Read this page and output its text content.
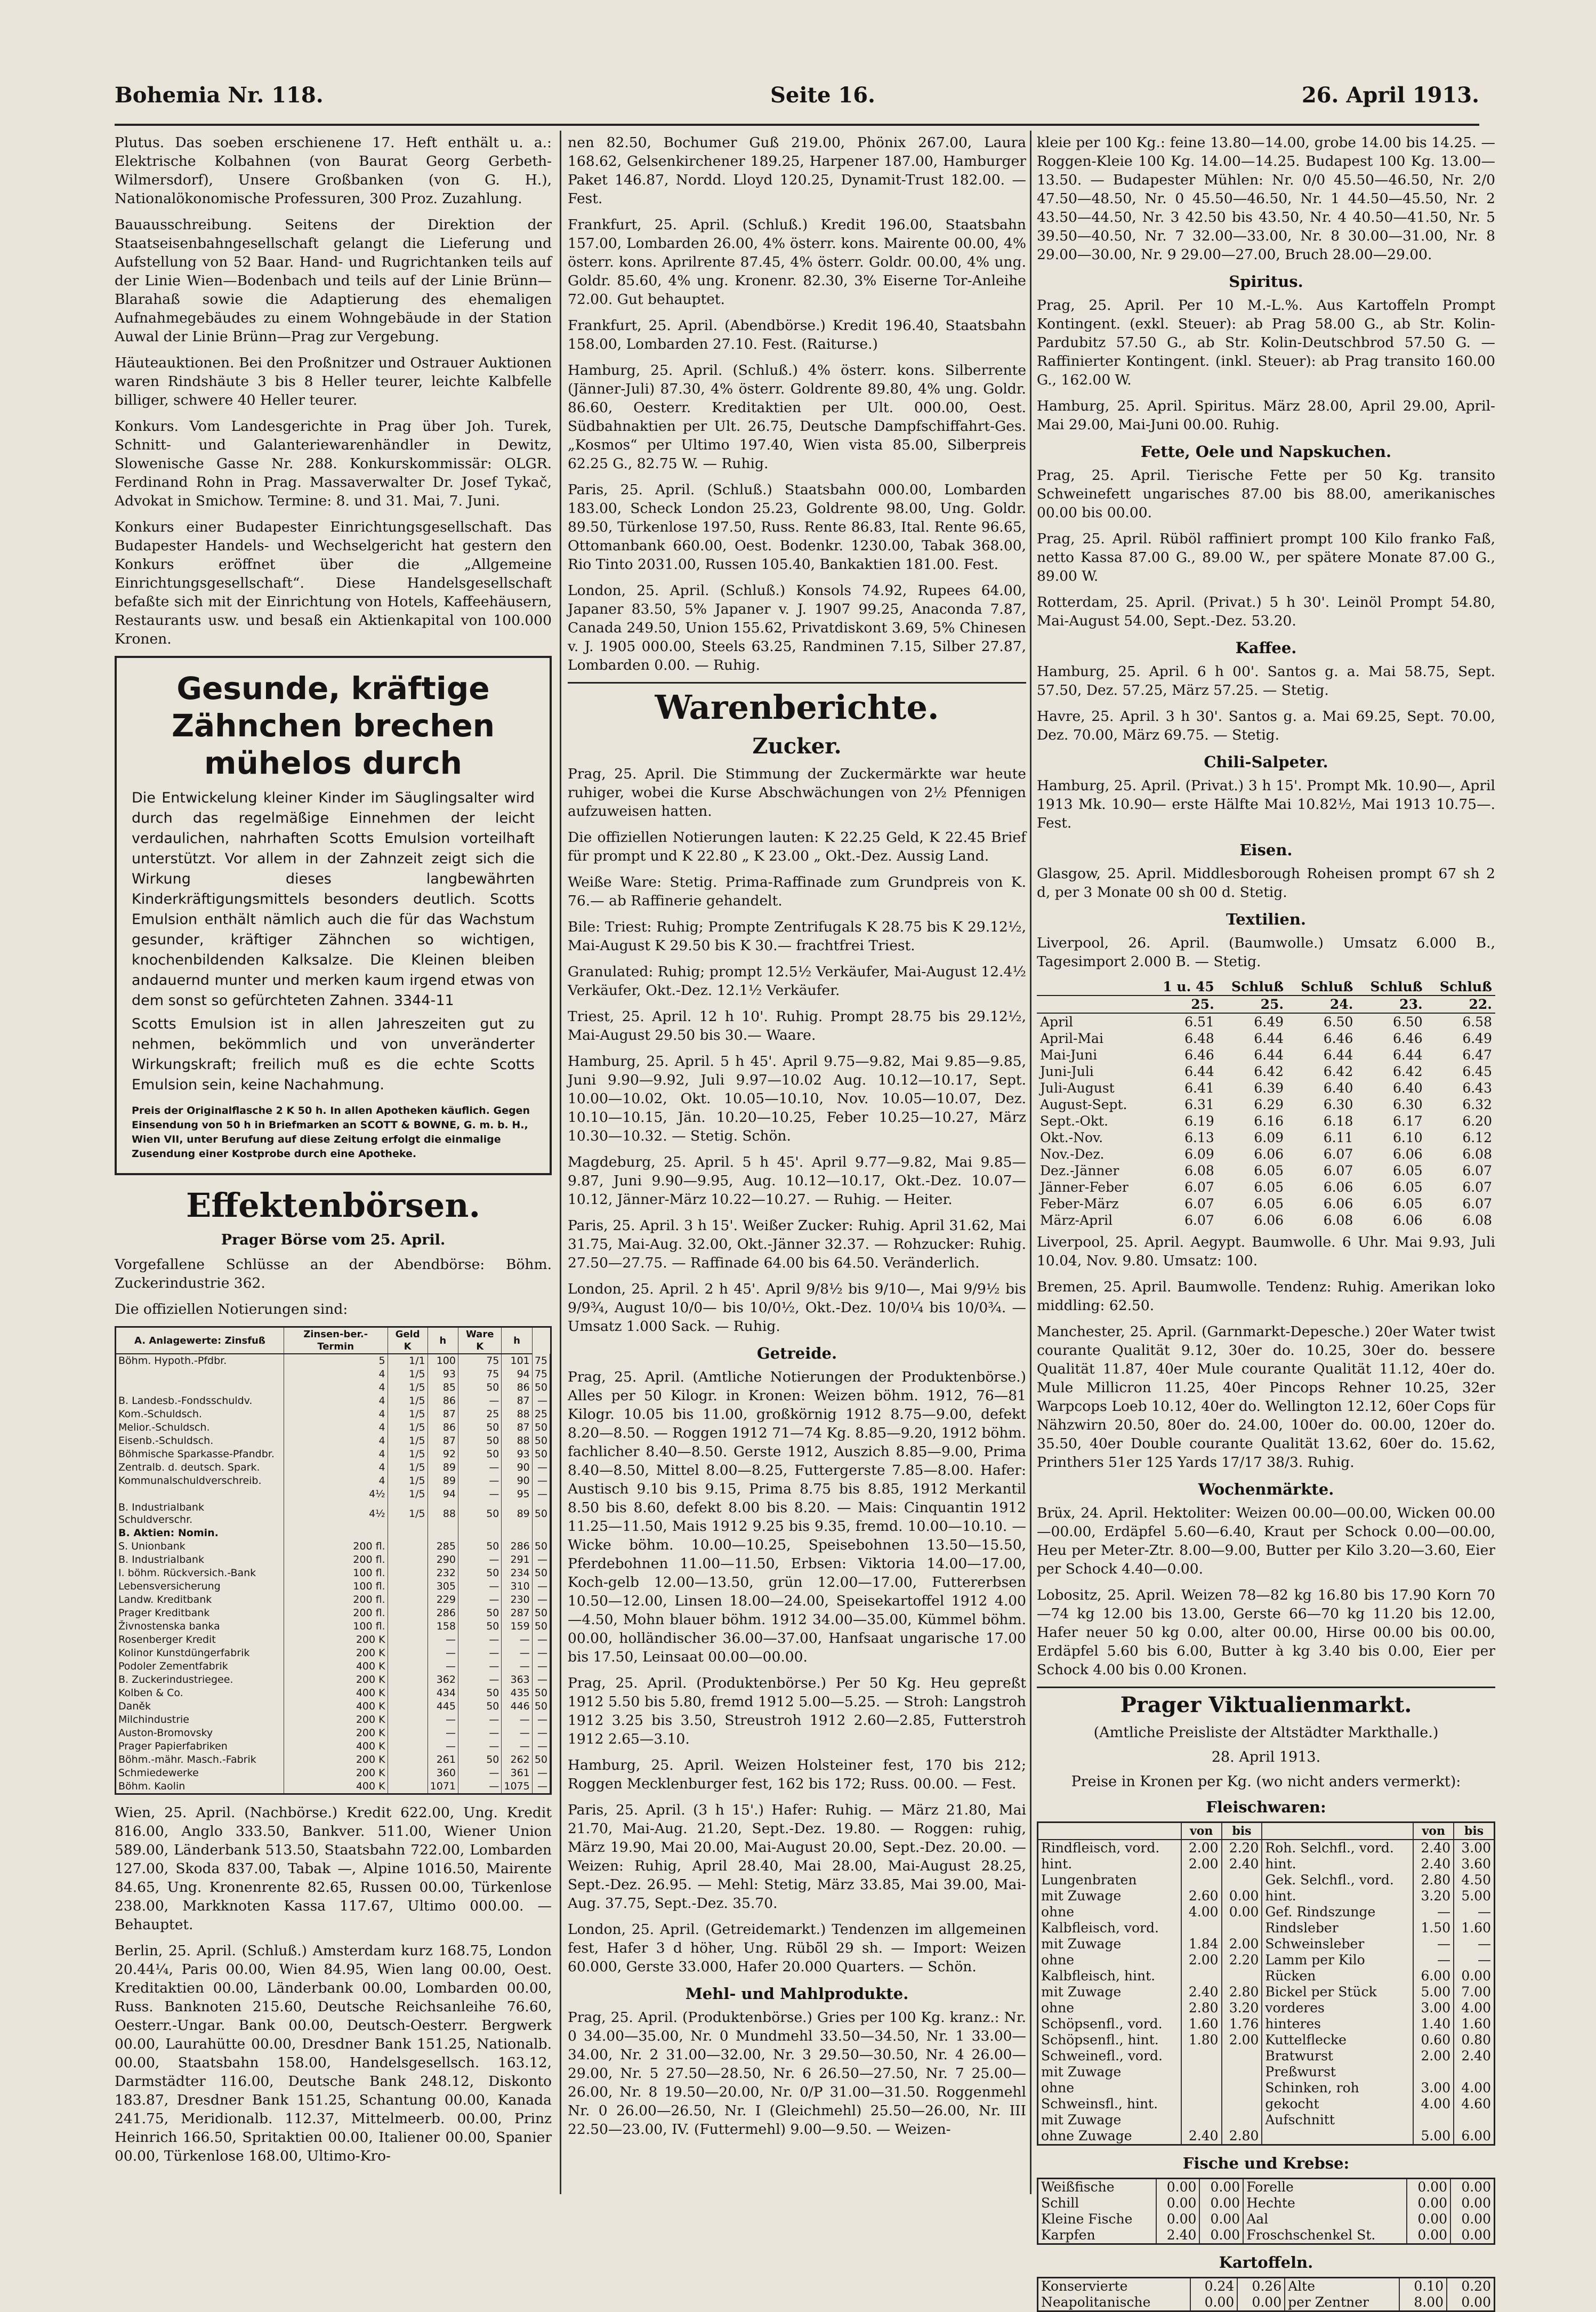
Bohemia Nr. 118.	Seite 16.	26. April 1913.

Plutus. Das soeben erschienene 17. Heft enthält u. a.: Elektrische Kolbahnen (von Baurat Georg Gerbeth-Wilmersdorf), Unsere Großbanken (von G. H.), Nationalökonomische Professuren, 300 Proz. Zuzahlung.

Bauausschreibung. Seitens der Direktion der Staatseisenbahngesellschaft gelangt die Lieferung und Aufstellung von 52 Baar. Hand- und Rugrichtanken teils auf der Linie Wien—Bodenbach und teils auf der Linie Brünn—Blarahaß sowie die Adaptierung des ehemaligen Aufnahmegebäudes zu einem Wohngebäude in der Station Auwal der Linie Brünn—Prag zur Vergebung.

Häuteauktionen. Bei den Proßnitzer und Ostrauer Auktionen waren Rindshäute 3 bis 8 Heller teurer, leichte Kalbfelle billiger, schwere 40 Heller teurer.

Konkurs. Vom Landesgerichte in Prag über Joh. Turek, Schnitt- und Galanteriewarenhändler in Dewitz, Slowenische Gasse Nr. 288. Konkurskommissär: OLGR. Ferdinand Rohn in Prag. Massaverwalter Dr. Josef Tykač, Advokat in Smichow. Termine: 8. und 31. Mai, 7. Juni.

Konkurs einer Budapester Einrichtungsgesellschaft. Das Budapester Handels- und Wechselgericht hat gestern den Konkurs eröffnet über die „Allgemeine Einrichtungsgesellschaft“. Diese Handelsgesellschaft befaßte sich mit der Einrichtung von Hotels, Kaffeehäusern, Restaurants usw. und besaß ein Aktienkapital von 100.000 Kronen.

Gesunde, kräftige Zähnchen brechen mühelos durch
Die Entwickelung kleiner Kinder im Säuglingsalter wird durch das regelmäßige Einnehmen der leicht verdaulichen, nahrhaften Scotts Emulsion vorteilhaft unterstützt. Vor allem in der Zahnzeit zeigt sich die Wirkung dieses langbewährten Kinderkräftigungsmittels besonders deutlich. Scotts Emulsion enthält nämlich auch die für das Wachstum gesunder, kräftiger Zähnchen so wichtigen, knochenbildenden Kalksalze. Die Kleinen bleiben andauernd munter und merken kaum irgend etwas von dem sonst so gefürchteten Zahnen. 3344-11
Scotts Emulsion ist in allen Jahreszeiten gut zu nehmen, bekömmlich und von unveränderter Wirkungskraft; freilich muß es die echte Scotts Emulsion sein, keine Nachahmung.
Preis der Originalflasche 2 K 50 h. In allen Apotheken käuflich. Gegen Einsendung von 50 h in Briefmarken an SCOTT & BOWNE, G. m. b. H., Wien VII, unter Berufung auf diese Zeitung erfolgt die einmalige Zusendung einer Kostprobe durch eine Apotheke.
Effektenbörsen.
Prager Börse vom 25. April.

Vorgefallene Schlüsse an der Abendbörse: Böhm. Zuckerindustrie 362.

Die offiziellen Notierungen sind:

A. Anlagewerte: Zinsfuß	Zinsen-ber.-Termin	Geld K	h	Ware K	h	
Böhm. Hypoth.-Pfdbr.	5	1/1	100	75	101	75
	4	1/5	93	75	94	75
	4	1/5	85	50	86	50
B. Landesb.-Fondsschuldv.	4	1/5	86	—	87	—
Kom.-Schuldsch.	4	1/5	87	25	88	25
Melior.-Schuldsch.	4	1/5	86	50	87	50
Eisenb.-Schuldsch.	4	1/5	87	50	88	50
Böhmische Sparkasse-Pfandbr.	4	1/5	92	50	93	50
Zentralb. d. deutsch. Spark.	4	1/5	89	—	90	—
Kommunalschuldverschreib.	4	1/5	89	—	90	—
	4½	1/5	94	—	95	—
B. Industrialbank Schuldverschr.	4½	1/5	88	50	89	50
B. Aktien: Nomin.						
S. Unionbank	200 fl.		285	50	286	50
B. Industrialbank	200 fl.		290	—	291	—
I. böhm. Rückversich.-Bank	100 fl.		232	50	234	50
Lebensversicherung	100 fl.		305	—	310	—
Landw. Kreditbank	200 fl.		229	—	230	—
Prager Kreditbank	200 fl.		286	50	287	50
Živnostenska banka	100 fl.		158	50	159	50
Rosenberger Kredit	200 K		—	—	—	—
Kolinor Kunstdüngerfabrik	200 K		—	—	—	—
Podoler Zementfabrik	400 K		—	—	—	—
B. Zuckerindustriegee.	200 K		362	—	363	—
Kolben & Co.	400 K		434	50	435	50
Daněk	400 K		445	50	446	50
Milchindustrie	200 K		—	—	—	—
Auston-Bromovsky	200 K		—	—	—	—
Prager Papierfabriken	400 K		—	—	—	—
Böhm.-mähr. Masch.-Fabrik	200 K		261	50	262	50
Schmiedewerke	200 K		360	—	361	—
Böhm. Kaolin	400 K		1071	—	1075	—

Wien, 25. April. (Nachbörse.) Kredit 622.00, Ung. Kredit 816.00, Anglo 333.50, Bankver. 511.00, Wiener Union 589.00, Länderbank 513.50, Staatsbahn 722.00, Lombarden 127.00, Skoda 837.00, Tabak —, Alpine 1016.50, Mairente 84.65, Ung. Kronenrente 82.65, Russen 00.00, Türkenlose 238.00, Markknoten Kassa 117.67, Ultimo 000.00. — Behauptet.

Berlin, 25. April. (Schluß.) Amsterdam kurz 168.75, London 20.44¼, Paris 00.00, Wien 84.95, Wien lang 00.00, Oest. Kreditaktien 00.00, Länderbank 00.00, Lombarden 00.00, Russ. Banknoten 215.60, Deutsche Reichsanleihe 76.60, Oesterr.-Ungar. Bank 00.00, Deutsch-Oesterr. Bergwerk 00.00, Laurahütte 00.00, Dresdner Bank 151.25, Nationalb. 00.00, Staatsbahn 158.00, Handelsgesellsch. 163.12, Darmstädter 116.00, Deutsche Bank 248.12, Diskonto 183.87, Dresdner Bank 151.25, Schantung 00.00, Kanada 241.75, Meridionalb. 112.37, Mittelmeerb. 00.00, Prinz Heinrich 166.50, Spritaktien 00.00, Italiener 00.00, Spanier 00.00, Türkenlose 168.00, Ultimo-Kro-

nen 82.50, Bochumer Guß 219.00, Phönix 267.00, Laura 168.62, Gelsenkirchener 189.25, Harpener 187.00, Hamburger Paket 146.87, Nordd. Lloyd 120.25, Dynamit-Trust 182.00. — Fest.

Frankfurt, 25. April. (Schluß.) Kredit 196.00, Staatsbahn 157.00, Lombarden 26.00, 4% österr. kons. Mairente 00.00, 4% österr. kons. Aprilrente 87.45, 4% österr. Goldr. 00.00, 4% ung. Goldr. 85.60, 4% ung. Kronenr. 82.30, 3% Eiserne Tor-Anleihe 72.00. Gut behauptet.

Frankfurt, 25. April. (Abendbörse.) Kredit 196.40, Staatsbahn 158.00, Lombarden 27.10. Fest. (Raiturse.)

Hamburg, 25. April. (Schluß.) 4% österr. kons. Silberrente (Jänner-Juli) 87.30, 4% österr. Goldrente 89.80, 4% ung. Goldr. 86.60, Oesterr. Kreditaktien per Ult. 000.00, Oest. Südbahnaktien per Ult. 26.75, Deutsche Dampfschiffahrt-Ges. „Kosmos“ per Ultimo 197.40, Wien vista 85.00, Silberpreis 62.25 G., 82.75 W. — Ruhig.

Paris, 25. April. (Schluß.) Staatsbahn 000.00, Lombarden 183.00, Scheck London 25.23, Goldrente 98.00, Ung. Goldr. 89.50, Türkenlose 197.50, Russ. Rente 86.83, Ital. Rente 96.65, Ottomanbank 660.00, Oest. Bodenkr. 1230.00, Tabak 368.00, Rio Tinto 2031.00, Russen 105.40, Bankaktien 181.00. Fest.

London, 25. April. (Schluß.) Konsols 74.92, Rupees 64.00, Japaner 83.50, 5% Japaner v. J. 1907 99.25, Anaconda 7.87, Canada 249.50, Union 155.62, Privatdiskont 3.69, 5% Chinesen v. J. 1905 000.00, Steels 63.25, Randminen 7.15, Silber 27.87, Lombarden 0.00. — Ruhig.

Warenberichte.
Zucker.

Prag, 25. April. Die Stimmung der Zuckermärkte war heute ruhiger, wobei die Kurse Abschwächungen von 2½ Pfennigen aufzuweisen hatten.

Die offiziellen Notierungen lauten: K 22.25 Geld, K 22.45 Brief für prompt und K 22.80 „ K 23.00 „ Okt.-Dez. Aussig Land.

Weiße Ware: Stetig. Prima-Raffinade zum Grundpreis von K. 76.— ab Raffinerie gehandelt.

Bile: Triest: Ruhig; Prompte Zentrifugals K 28.75 bis K 29.12½, Mai-August K 29.50 bis K 30.— frachtfrei Triest.

Granulated: Ruhig; prompt 12.5½ Verkäufer, Mai-August 12.4½ Verkäufer, Okt.-Dez. 12.1½ Verkäufer.

Triest, 25. April. 12 h 10'. Ruhig. Prompt 28.75 bis 29.12½, Mai-August 29.50 bis 30.— Waare.

Hamburg, 25. April. 5 h 45'. April 9.75—9.82, Mai 9.85—9.85, Juni 9.90—9.92, Juli 9.97—10.02 Aug. 10.12—10.17, Sept. 10.00—10.02, Okt. 10.05—10.10, Nov. 10.05—10.07, Dez. 10.10—10.15, Jän. 10.20—10.25, Feber 10.25—10.27, März 10.30—10.32. — Stetig. Schön.

Magdeburg, 25. April. 5 h 45'. April 9.77—9.82, Mai 9.85—9.87, Juni 9.90—9.95, Aug. 10.12—10.17, Okt.-Dez. 10.07—10.12, Jänner-März 10.22—10.27. — Ruhig. — Heiter.

Paris, 25. April. 3 h 15'. Weißer Zucker: Ruhig. April 31.62, Mai 31.75, Mai-Aug. 32.00, Okt.-Jänner 32.37. — Rohzucker: Ruhig. 27.50—27.75. — Raffinade 64.00 bis 64.50. Veränderlich.

London, 25. April. 2 h 45'. April 9/8½ bis 9/10—, Mai 9/9½ bis 9/9¾, August 10/0— bis 10/0½, Okt.-Dez. 10/0¼ bis 10/0¾. — Umsatz 1.000 Sack. — Ruhig.

Getreide.

Prag, 25. April. (Amtliche Notierungen der Produktenbörse.) Alles per 50 Kilogr. in Kronen: Weizen böhm. 1912, 76—81 Kilogr. 10.05 bis 11.00, großkörnig 1912 8.75—9.00, defekt 8.20—8.50. — Roggen 1912 71—74 Kg. 8.85—9.20, 1912 böhm. fachlicher 8.40—8.50. Gerste 1912, Auszich 8.85—9.00, Prima 8.40—8.50, Mittel 8.00—8.25, Futtergerste 7.85—8.00. Hafer: Austisch 9.10 bis 9.15, Prima 8.75 bis 8.85, 1912 Merkantil 8.50 bis 8.60, defekt 8.00 bis 8.20. — Mais: Cinquantin 1912 11.25—11.50, Mais 1912 9.25 bis 9.35, fremd. 10.00—10.10. — Wicke böhm. 10.00—10.25, Speisebohnen 13.50—15.50, Pferdebohnen 11.00—11.50, Erbsen: Viktoria 14.00—17.00, Koch-gelb 12.00—13.50, grün 12.00—17.00, Futtererbsen 10.50—12.00, Linsen 18.00—24.00, Speisekartoffel 1912 4.00—4.50, Mohn blauer böhm. 1912 34.00—35.00, Kümmel böhm. 00.00, holländischer 36.00—37.00, Hanfsaat ungarische 17.00 bis 17.50, Leinsaat 00.00—00.00.

Prag, 25. April. (Produktenbörse.) Per 50 Kg. Heu gepreßt 1912 5.50 bis 5.80, fremd 1912 5.00—5.25. — Stroh: Langstroh 1912 3.25 bis 3.50, Streustroh 1912 2.60—2.85, Futterstroh 1912 2.65—3.10.

Hamburg, 25. April. Weizen Holsteiner fest, 170 bis 212; Roggen Mecklenburger fest, 162 bis 172; Russ. 00.00. — Fest.

Paris, 25. April. (3 h 15'.) Hafer: Ruhig. — März 21.80, Mai 21.70, Mai-Aug. 21.20, Sept.-Dez. 19.80. — Roggen: ruhig, März 19.90, Mai 20.00, Mai-August 20.00, Sept.-Dez. 20.00. — Weizen: Ruhig, April 28.40, Mai 28.00, Mai-August 28.25, Sept.-Dez. 26.95. — Mehl: Stetig, März 33.85, Mai 39.00, Mai-Aug. 37.75, Sept.-Dez. 35.70.

London, 25. April. (Getreidemarkt.) Tendenzen im allgemeinen fest, Hafer 3 d höher, Ung. Rübö̈l 29 sh. — Import: Weizen 60.000, Gerste 33.000, Hafer 20.000 Quarters. — Schön.

Mehl- und Mahlprodukte.

Prag, 25. April. (Produktenbörse.) Gries per 100 Kg. kranz.: Nr. 0 34.00—35.00, Nr. 0 Mundmehl 33.50—34.50, Nr. 1 33.00—34.00, Nr. 2 31.00—32.00, Nr. 3 29.50—30.50, Nr. 4 26.00—29.00, Nr. 5 27.50—28.50, Nr. 6 26.50—27.50, Nr. 7 25.00—26.00, Nr. 8 19.50—20.00, Nr. 0/P 31.00—31.50. Roggenmehl Nr. 0 26.00—26.50, Nr. I (Gleichmehl) 25.50—26.00, Nr. III 22.50—23.00, IV. (Futtermehl) 9.00—9.50. — Weizen-

kleie per 100 Kg.: feine 13.80—14.00, grobe 14.00 bis 14.25. — Roggen-Kleie 100 Kg. 14.00—14.25. Budapest 100 Kg. 13.00—13.50. — Budapester Mühlen: Nr. 0/0 45.50—46.50, Nr. 2/0 47.50—48.50, Nr. 0 45.50—46.50, Nr. 1 44.50—45.50, Nr. 2 43.50—44.50, Nr. 3 42.50 bis 43.50, Nr. 4 40.50—41.50, Nr. 5 39.50—40.50, Nr. 7 32.00—33.00, Nr. 8 30.00—31.00, Nr. 8 29.00—30.00, Nr. 9 29.00—27.00, Bruch 28.00—29.00.

Spiritus.

Prag, 25. April. Per 10 M.-L.%. Aus Kartoffeln Prompt Kontingent. (exkl. Steuer): ab Prag 58.00 G., ab Str. Kolin-Pardubitz 57.50 G., ab Str. Kolin-Deutschbrod 57.50 G. — Raffinierter Kontingent. (inkl. Steuer): ab Prag transito 160.00 G., 162.00 W.

Hamburg, 25. April. Spiritus. März 28.00, April 29.00, April-Mai 29.00, Mai-Juni 00.00. Ruhig.

Fette, Oele und Napskuchen.

Prag, 25. April. Tierische Fette per 50 Kg. transito Schweinefett ungarisches 87.00 bis 88.00, amerikanisches 00.00 bis 00.00.

Prag, 25. April. Rüböl raffiniert prompt 100 Kilo franko Faß, netto Kassa 87.00 G., 89.00 W., per spätere Monate 87.00 G., 89.00 W.

Rotterdam, 25. April. (Privat.) 5 h 30'. Leinöl Prompt 54.80, Mai-August 54.00, Sept.-Dez. 53.20.

Kaffee.

Hamburg, 25. April. 6 h 00'. Santos g. a. Mai 58.75, Sept. 57.50, Dez. 57.25, März 57.25. — Stetig.

Havre, 25. April. 3 h 30'. Santos g. a. Mai 69.25, Sept. 70.00, Dez. 70.00, März 69.75. — Stetig.

Chili-Salpeter.

Hamburg, 25. April. (Privat.) 3 h 15'. Prompt Mk. 10.90—, April 1913 Mk. 10.90— erste Hälfte Mai 10.82½, Mai 1913 10.75—. Fest.

Eisen.

Glasgow, 25. April. Middlesborough Roheisen prompt 67 sh 2 d, per 3 Monate 00 sh 00 d. Stetig.

Textilien.

Liverpool, 26. April. (Baumwolle.) Umsatz 6.000 B., Tagesimport 2.000 B. — Stetig.

	1 u. 45	Schluß	Schluß	Schluß	Schluß
	25.	25.	24.	23.	22.
April	6.51	6.49	6.50	6.50	6.58
April-Mai	6.48	6.44	6.46	6.46	6.49
Mai-Juni	6.46	6.44	6.44	6.44	6.47
Juni-Juli	6.44	6.42	6.42	6.42	6.45
Juli-August	6.41	6.39	6.40	6.40	6.43
August-Sept.	6.31	6.29	6.30	6.30	6.32
Sept.-Okt.	6.19	6.16	6.18	6.17	6.20
Okt.-Nov.	6.13	6.09	6.11	6.10	6.12
Nov.-Dez.	6.09	6.06	6.07	6.06	6.08
Dez.-Jänner	6.08	6.05	6.07	6.05	6.07
Jänner-Feber	6.07	6.05	6.06	6.05	6.07
Feber-März	6.07	6.05	6.06	6.05	6.07
März-April	6.07	6.06	6.08	6.06	6.08

Liverpool, 25. April. Aegypt. Baumwolle. 6 Uhr. Mai 9.93, Juli 10.04, Nov. 9.80. Umsatz: 100.

Bremen, 25. April. Baumwolle. Tendenz: Ruhig. Amerikan loko middling: 62.50.

Manchester, 25. April. (Garnmarkt-Depesche.) 20er Water twist courante Qualität 9.12, 30er do. 10.25, 30er do. bessere Qualität 11.87, 40er Mule courante Qualität 11.12, 40er do. Mule Millicron 11.25, 40er Pincops Rehner 10.25, 32er Warpcops Loeb 10.12, 40er do. Wellington 12.12, 60er Cops für Nähzwirn 20.50, 80er do. 24.00, 100er do. 00.00, 120er do. 35.50, 40er Double courante Qualität 13.62, 60er do. 15.62, Printhers 51er 125 Yards 17/17 38/3. Ruhig.

Wochenmärkte.

Brüx, 24. April. Hektoliter: Weizen 00.00—00.00, Wicken 00.00—00.00, Erdäpfel 5.60—6.40, Kraut per Schock 0.00—00.00, Heu per Meter-Ztr. 8.00—9.00, Butter per Kilo 3.20—3.60, Eier per Schock 4.40—0.00.

Lobositz, 25. April. Weizen 78—82 kg 16.80 bis 17.90 Korn 70—74 kg 12.00 bis 13.00, Gerste 66—70 kg 11.20 bis 12.00, Hafer neuer 50 kg 0.00, alter 00.00, Hirse 00.00 bis 00.00, Erdäpfel 5.60 bis 6.00, Butter à kg 3.40 bis 0.00, Eier per Schock 4.00 bis 0.00 Kronen.

Prager Viktualienmarkt.
(Amtliche Preisliste der Altstädter Markthalle.)
28. April 1913.
Preise in Kronen per Kg. (wo nicht anders vermerkt):
Fleischwaren:
	von	bis		von	bis
Rindfleisch, vord.	2.00	2.20	Roh. Selchfl., vord.	2.40	3.00
hint.	2.00	2.40	hint.	2.40	3.60
Lungenbraten			Gek. Selchfl., vord.	2.80	4.50
mit Zuwage	2.60	0.00	hint.	3.20	5.00
ohne	4.00	0.00	Gef. Rindszunge	—	—
Kalbfleisch, vord.			Rindsleber	1.50	1.60
mit Zuwage	1.84	2.00	Schweinsleber	—	—
ohne	2.00	2.20	Lamm per Kilo	—	—
Kalbfleisch, hint.			Rücken	6.00	0.00
mit Zuwage	2.40	2.80	Bickel per Stück	5.00	7.00
ohne	2.80	3.20	vorderes	3.00	4.00
Schöpsenfl., vord.	1.60	1.76	hinteres	1.40	1.60
Schöpsenfl., hint.	1.80	2.00	Kuttelflecke	0.60	0.80
Schweinefl., vord.			Bratwurst	2.00	2.40
mit Zuwage			Preßwurst		
ohne			Schinken, roh	3.00	4.00
Schweinsfl., hint.			gekocht	4.00	4.60
mit Zuwage			Aufschnitt		
ohne Zuwage	2.40	2.80		5.00	6.00
Fische und Krebse:
Weißfische	0.00	0.00	Forelle	0.00	0.00
Schill	0.00	0.00	Hechte	0.00	0.00
Kleine Fische	0.00	0.00	Aal	0.00	0.00
Karpfen	2.40	0.00	Froschschenkel St.	0.00	0.00
Kartoffeln.
Konservierte	0.24	0.26	Alte	0.10	0.20
Neapolitanische	0.00	0.00	per Zentner	8.00	0.00
